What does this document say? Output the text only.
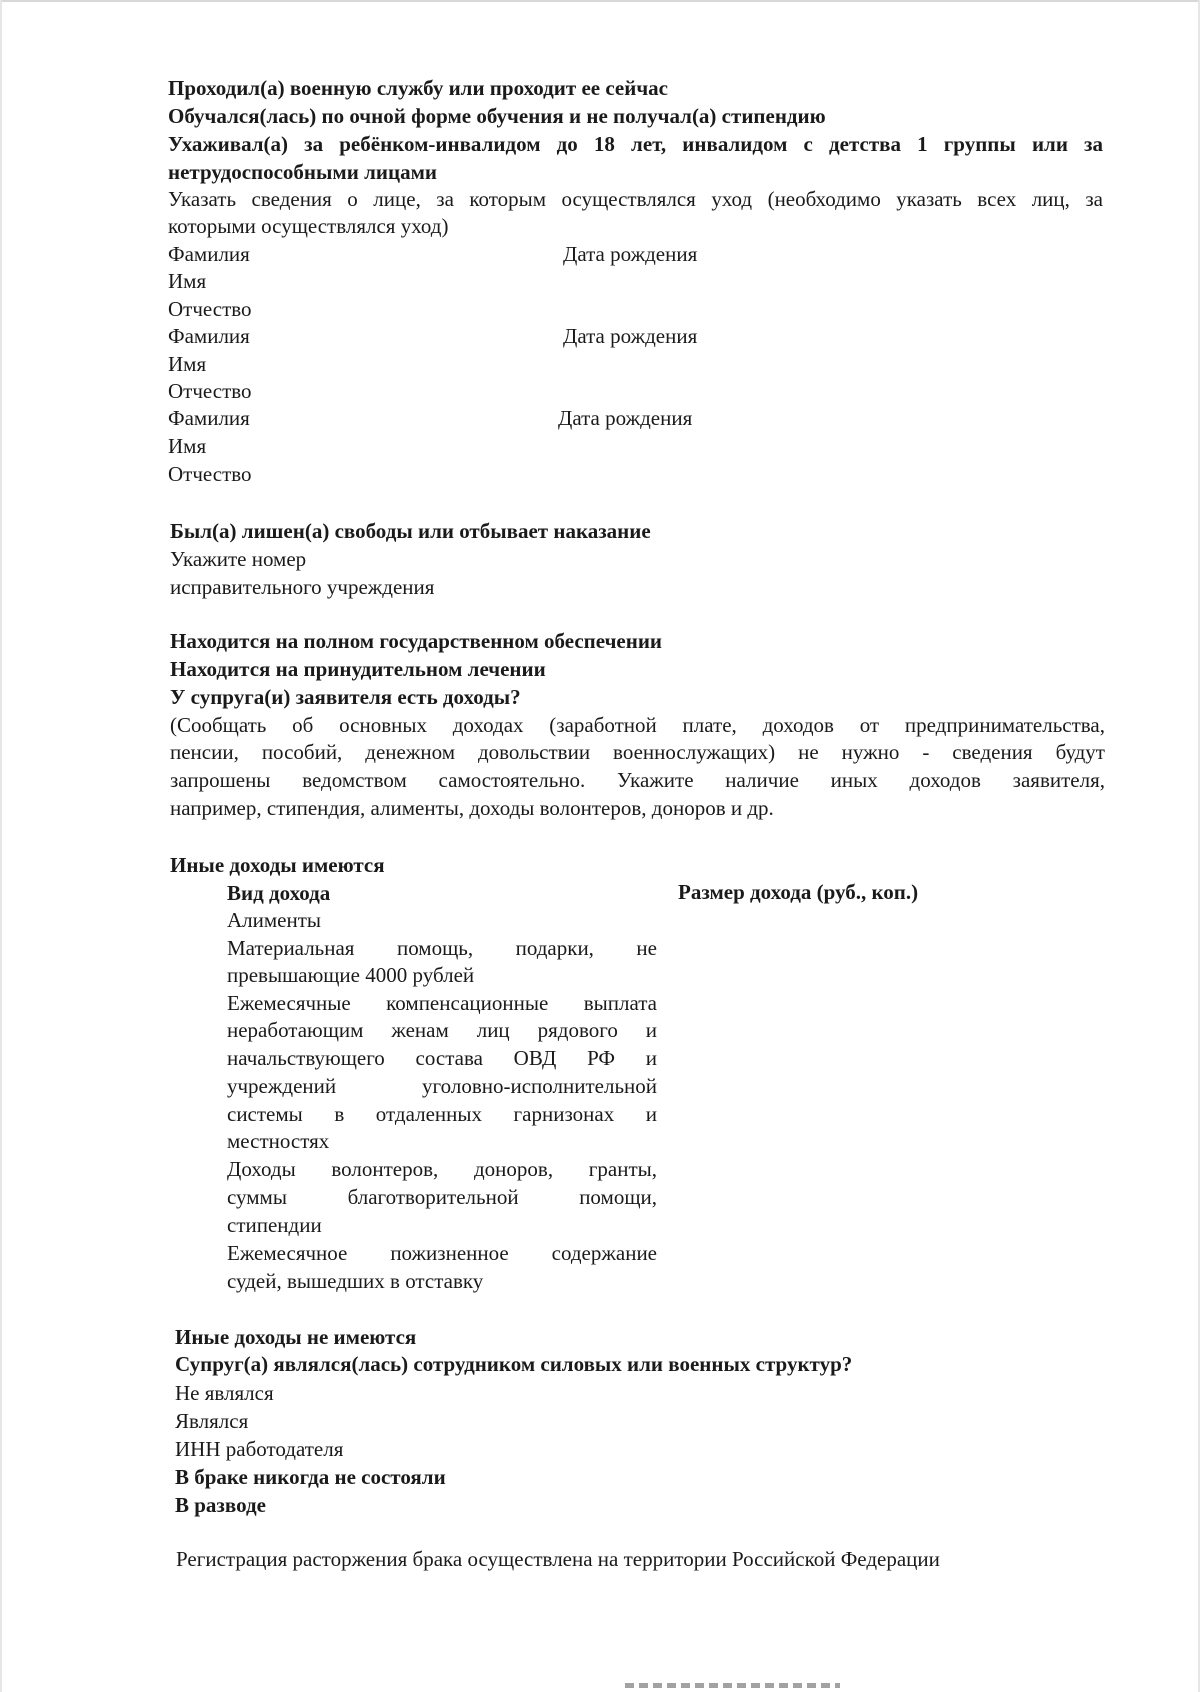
Проходил(а) военную службу или проходит ее сейчас
Обучался(лась) по очной форме обучения и не получал(а) стипендию
Ухаживал(а) за ребёнком-инвалидом до 18 лет, инвалидом с детства 1 группы или за
нетрудоспособными лицами
Указать сведения о лице, за которым осуществлялся уход (необходимо указать всех лиц, за
которыми осуществлялся уход)
Фамилия	Дата рождения
Имя
Отчество
Фамилия	Дата рождения
Имя
Отчество
Фамилия	Дата рождения
Имя
Отчество
Был(а) лишен(а) свободы или отбывает наказание
Укажите номер
исправительного учреждения
Находится на полном государственном обеспечении
Находится на принудительном лечении
У супруга(и) заявителя есть доходы?
(Сообщать об основных доходах (заработной плате, доходов от предпринимательства,
пенсии, пособий, денежном довольствии военнослужащих) не нужно - сведения будут
запрошены ведомством самостоятельно. Укажите наличие иных доходов заявителя,
например, стипендия, алименты, доходы волонтеров, доноров и др.
Иные доходы имеются
Вид дохода	Размер дохода (руб., коп.)
Алименты
Материальная помощь, подарки, не
превышающие 4000 рублей
Ежемесячные компенсационные выплата
неработающим женам лиц рядового и
начальствующего состава ОВД РФ и
учреждений уголовно-исполнительной
системы в отдаленных гарнизонах и
местностях
Доходы волонтеров, доноров, гранты,
суммы благотворительной помощи,
стипендии
Ежемесячное пожизненное содержание
судей, вышедших в отставку
Иные доходы не имеются
Супруг(а) являлся(лась) сотрудником силовых или военных структур?
Не являлся
Являлся
ИНН работодателя
В браке никогда не состояли
В разводе
Регистрация расторжения брака осуществлена на территории Российской Федерации
